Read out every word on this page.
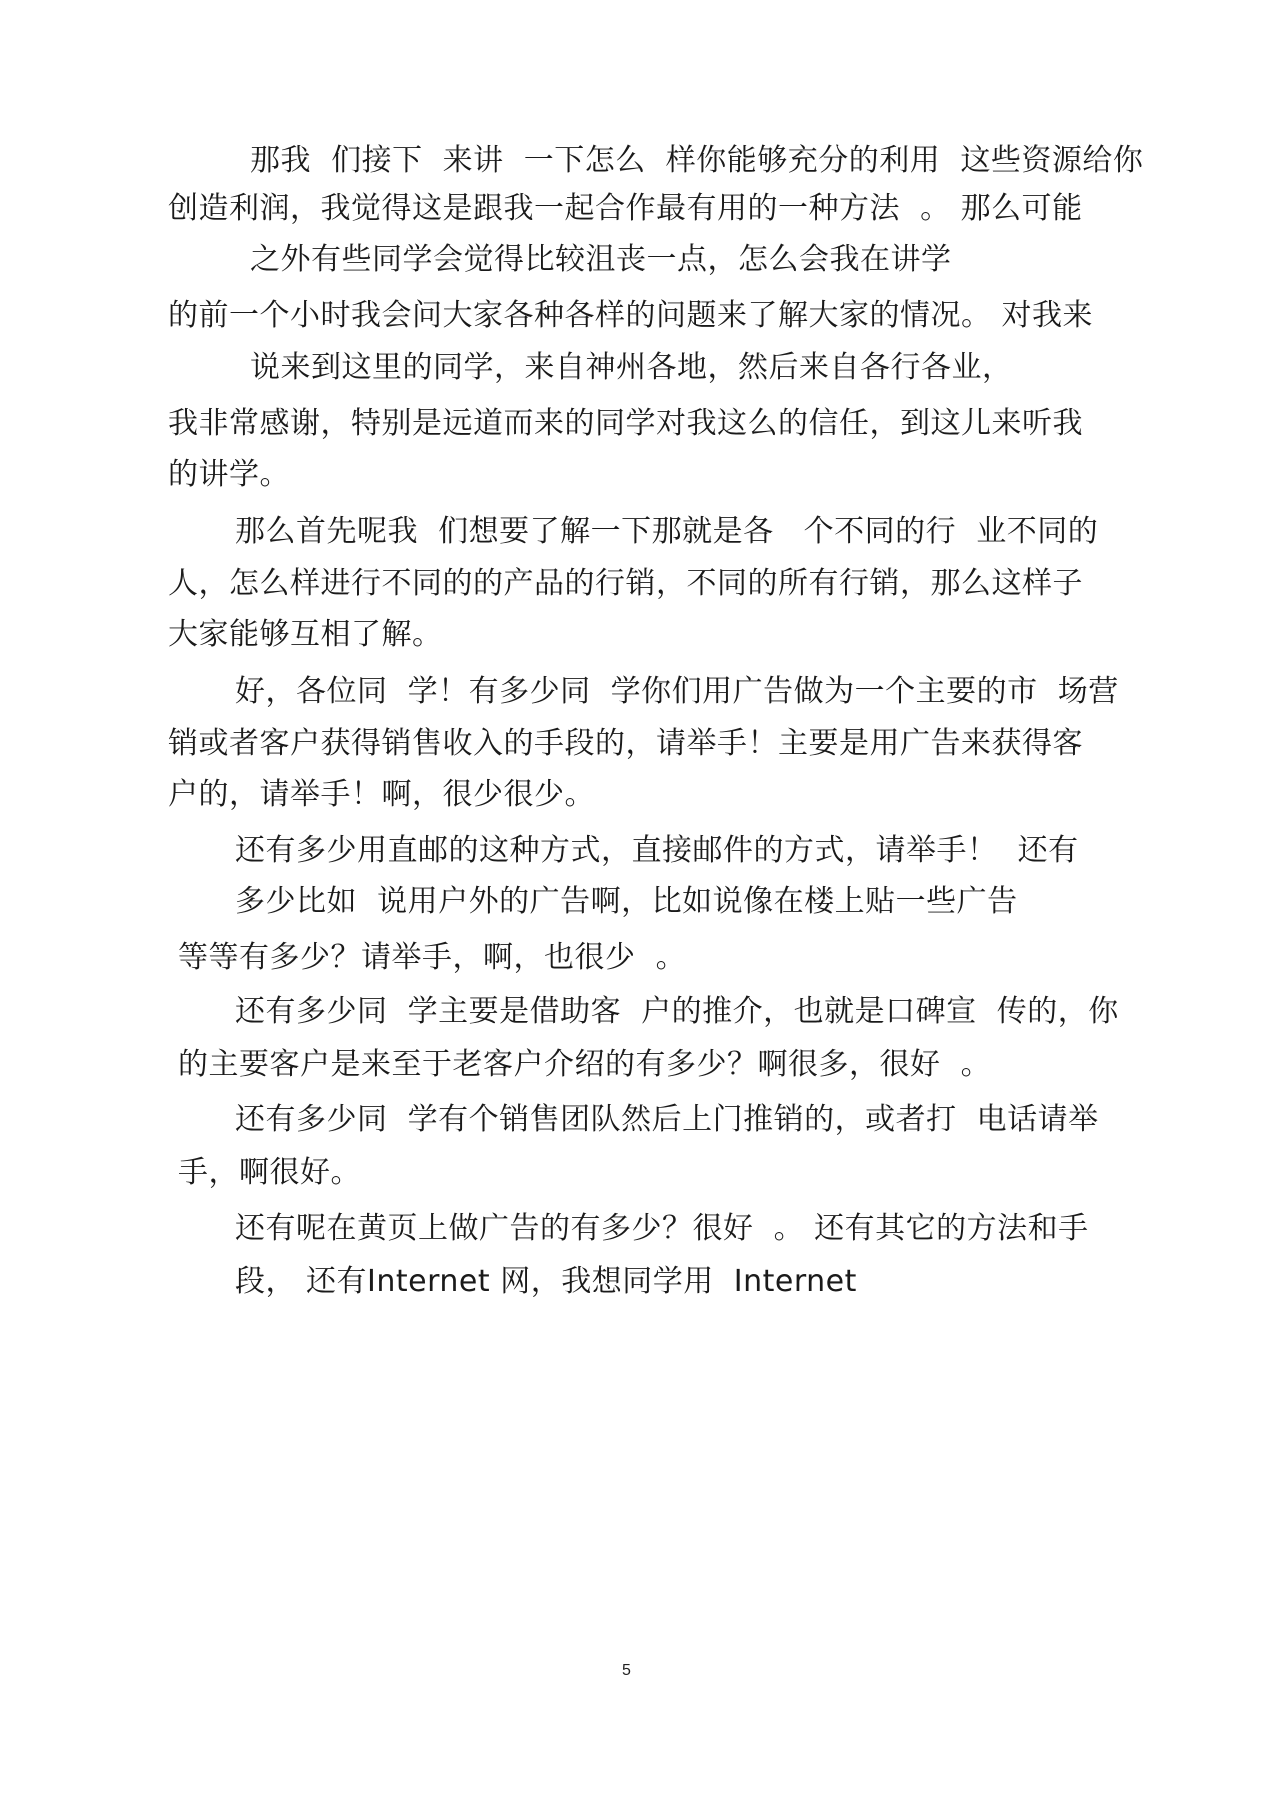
那我  们接下  来讲  一下怎么  样你能够充分的利用  这些资源给你
创造利润，我觉得这是跟我一起合作最有用的一种方法  。 那么可能
之外有些同学会觉得比较沮丧一点，怎么会我在讲学
的前一个小时我会问大家各种各样的问题来了解大家的情况。 对我来
说来到这里的同学，来自神州各地，然后来自各行各业，
我非常感谢，特别是远道而来的同学对我这么的信任，到这儿来听我
的讲学。
那么首先呢我  们想要了解一下那就是各   个不同的行  业不同的
人，怎么样进行不同的的产品的行销，不同的所有行销，那么这样子
大家能够互相了解。
好，各位同  学！有多少同  学你们用广告做为一个主要的市  场营
销或者客户获得销售收入的手段的，请举手！主要是用广告来获得客
户的，请举手！啊，很少很少。
还有多少用直邮的这种方式，直接邮件的方式，请举手！  还有
多少比如  说用户外的广告啊，比如说像在楼上贴一些广告
等等有多少？请举手，啊，也很少  。
还有多少同  学主要是借助客  户的推介，也就是口碑宣  传的，你
的主要客户是来至于老客户介绍的有多少？啊很多，很好  。
还有多少同  学有个销售团队然后上门推销的，或者打  电话请举
手，啊很好。
还有呢在黄页上做广告的有多少？很好  。 还有其它的方法和手
段， 还有Internet 网，我想同学用  Internet
5
